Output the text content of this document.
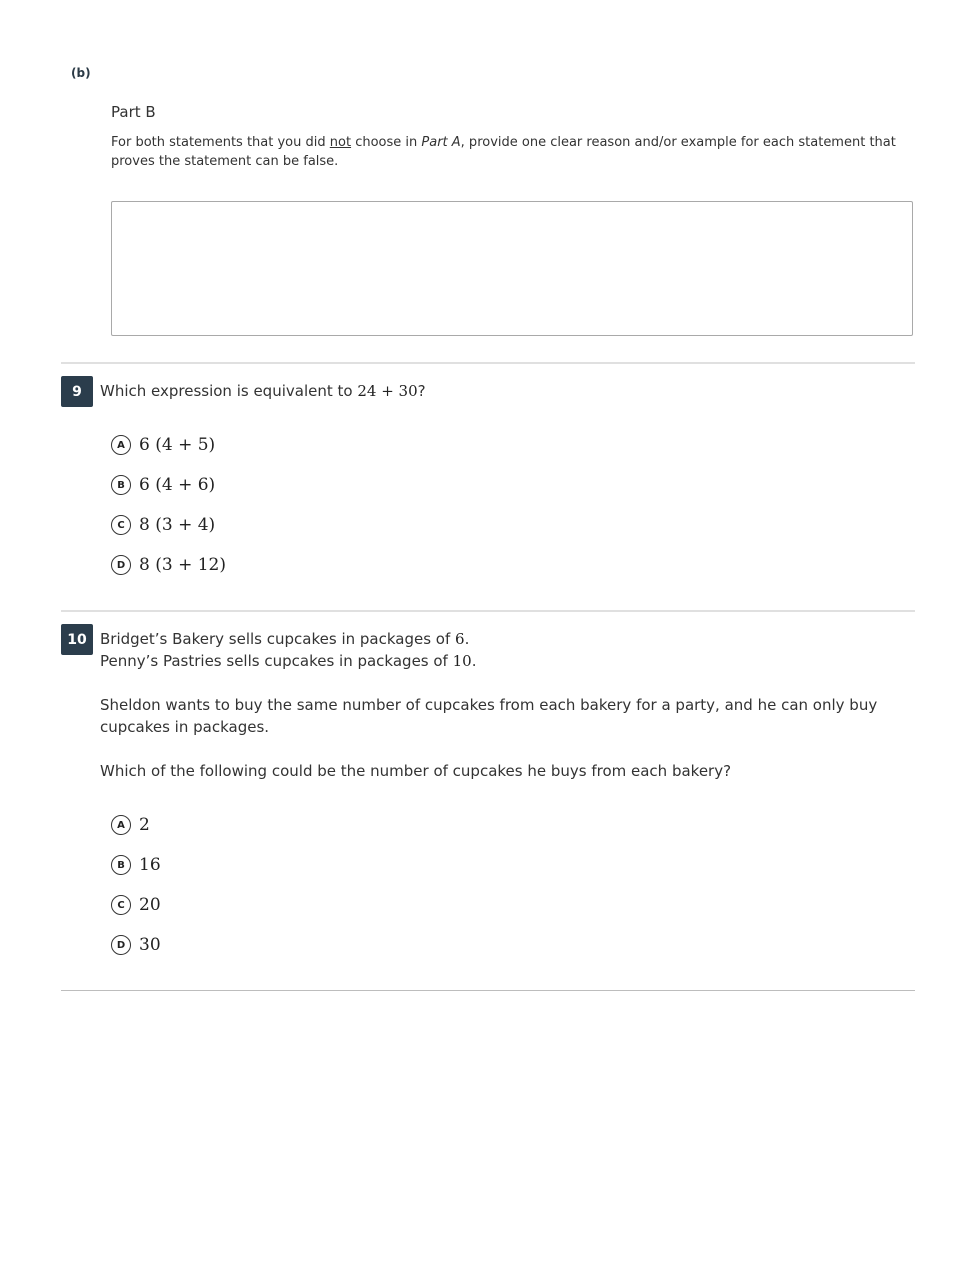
(b)
Part B
For both statements that you did not choose in Part A, provide one clear reason and/or example for each statement that proves the statement can be false.
9	Which expression is equivalent to 24 + 30?
A 6 (4 + 5)
B 6 (4 + 6)
C 8 (3 + 4)
D 8 (3 + 12)
10 Bridget’s Bakery sells cupcakes in packages of 6.
Penny’s Pastries sells cupcakes in packages of 10.
Sheldon wants to buy the same number of cupcakes from each bakery for a party, and he can only buy cupcakes in packages.
Which of the following could be the number of cupcakes he buys from each bakery?
A 2
B 16
C 20
D 30
